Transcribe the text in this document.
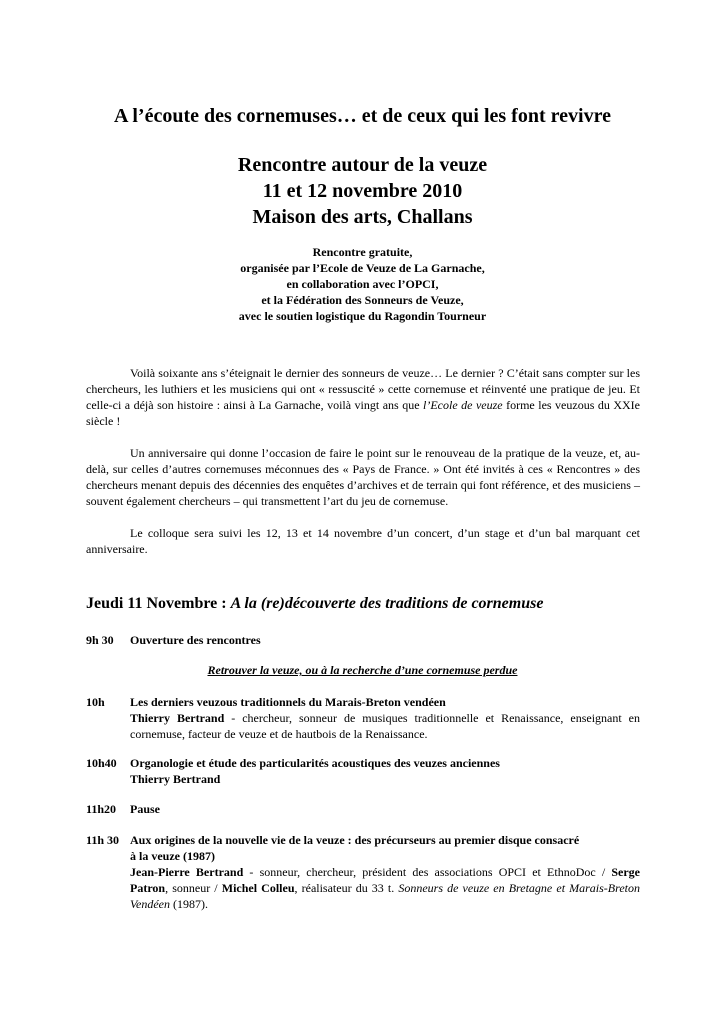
A l’écoute des cornemuses… et de ceux qui les font revivre
Rencontre autour de la veuze
11 et 12 novembre 2010
Maison des arts, Challans
Rencontre gratuite,
organisée par l’Ecole de Veuze de La Garnache,
en collaboration avec l’OPCI,
et la Fédération des Sonneurs de Veuze,
avec le soutien logistique du Ragondin Tourneur

Voilà soixante ans s’éteignait le dernier des sonneurs de veuze… Le dernier ? C’était sans compter sur les chercheurs, les luthiers et les musiciens qui ont « ressuscité » cette cornemuse et réinventé une pratique de jeu. Et celle-ci a déjà son histoire : ainsi à La Garnache, voilà vingt ans que l’Ecole de veuze forme les veuzous du XXIe siècle !

Un anniversaire qui donne l’occasion de faire le point sur le renouveau de la pratique de la veuze, et, au-delà, sur celles d’autres cornemuses méconnues des « Pays de France. » Ont été invités à ces « Rencontres » des chercheurs menant depuis des décennies des enquêtes d’archives et de terrain qui font référence, et des musiciens – souvent également chercheurs – qui transmettent l’art du jeu de cornemuse.

Le colloque sera suivi les 12, 13 et 14 novembre d’un concert, d’un stage et d’un bal marquant cet anniversaire.

Jeudi 11 Novembre : A la (re)découverte des traditions de cornemuse
9h 30 Ouverture des rencontres
Retrouver la veuze, ou à la recherche d’une cornemuse perdue
10h Les derniers veuzous traditionnels du Marais-Breton vendéen
Thierry Bertrand - chercheur, sonneur de musiques traditionnelle et Renaissance, enseignant en cornemuse, facteur de veuze et de hautbois de la Renaissance.
10h40 Organologie et étude des particularités acoustiques des veuzes anciennes
Thierry Bertrand
11h20 Pause
11h 30 Aux origines de la nouvelle vie de la veuze : des précurseurs au premier disque consacré
à la veuze (1987)
Jean-Pierre Bertrand - sonneur, chercheur, président des associations OPCI et EthnoDoc / Serge Patron, sonneur / Michel Colleu, réalisateur du 33 t. Sonneurs de veuze en Bretagne et Marais-Breton Vendéen (1987).
